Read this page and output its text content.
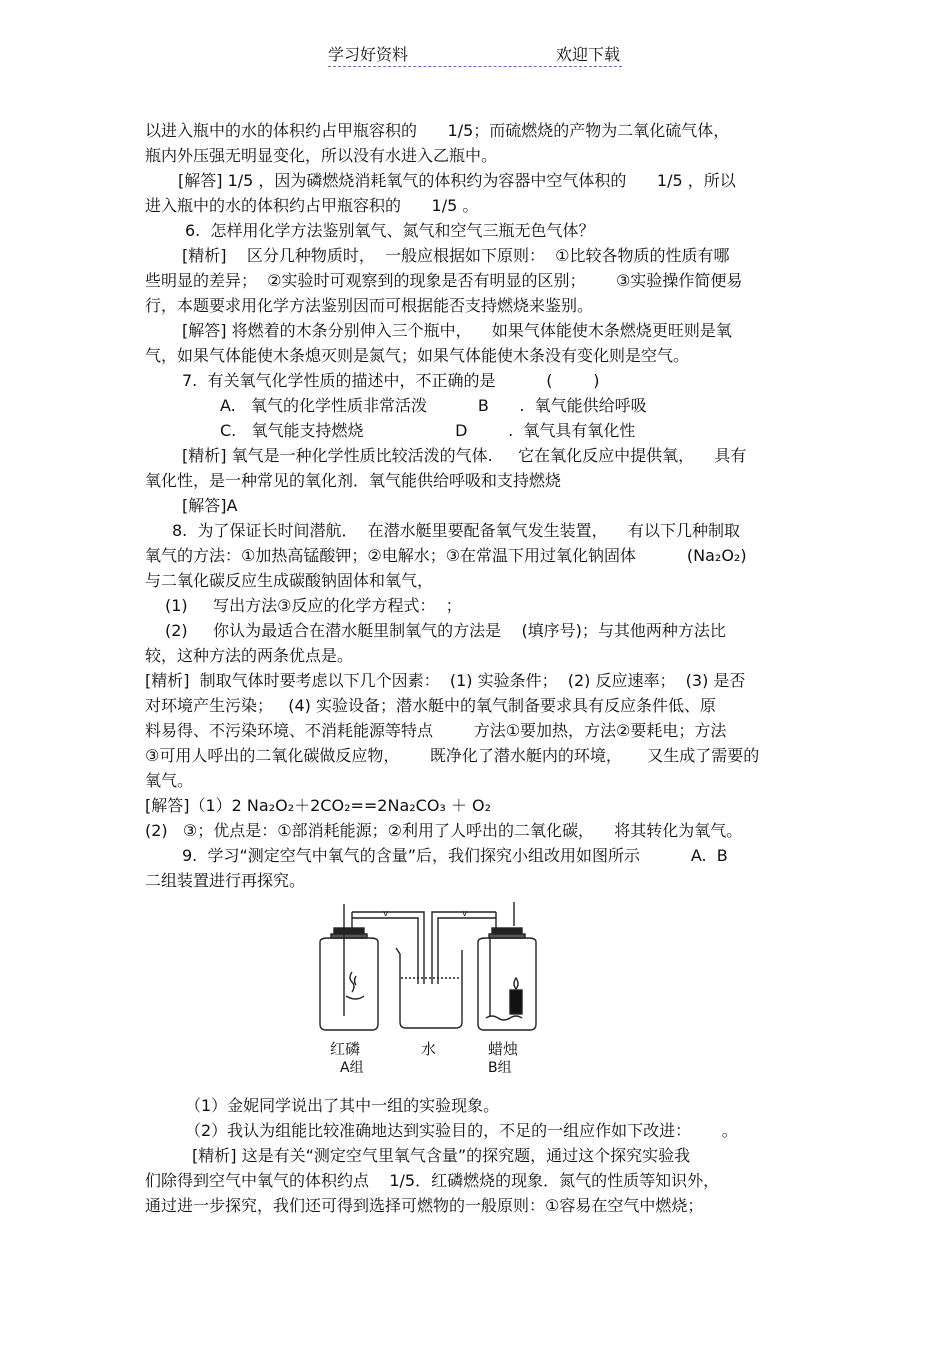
学习好资料	欢迎下载
以进入瓶中的水的体积约占甲瓶容积的      1/5；而硫燃烧的产物为二氧化硫气体，
瓶内外压强无明显变化，所以没有水进入乙瓶中。
[解答] 1/5 ，因为磷燃烧消耗氧气的体积约为容器中空气体积的      1/5 ，所以
进入瓶中的水的体积约占甲瓶容积的      1/5 。
6.  怎样用化学方法鉴别氧气、氮气和空气三瓶无色气体？
[精析]    区分几种物质时，  一般应根据如下原则：  ①比较各物质的性质有哪
些明显的差异；  ②实验时可观察到的现象是否有明显的区别；      ③实验操作简便易
行，本题要求用化学方法鉴别因而可根据能否支持燃烧来鉴别。
[解答] 将燃着的木条分别伸入三个瓶中，    如果气体能使木条燃烧更旺则是氧
气，如果气体能使木条熄灭则是氮气；如果气体能使木条没有变化则是空气。
7.  有关氧气化学性质的描述中，不正确的是          (        )
A.   氧气的化学性质非常活泼          B      .  氧气能供给呼吸
C.   氧气能支持燃烧                  D        .  氧气具有氧化性
[精析] 氧气是一种化学性质比较活泼的气体.     它在氧化反应中提供氧，    具有
氧化性，是一种常见的氧化剂．氧气能供给呼吸和支持燃烧
[解答]A
8.  为了保证长时间潜航．  在潜水艇里要配备氧气发生装置，    有以下几种制取
氧气的方法：①加热高锰酸钾；②电解水；③在常温下用过氧化钠固体          (Na₂O₂)
与二氧化碳反应生成碳酸钠固体和氧气，
(1)     写出方法③反应的化学方程式：  ；
(2)     你认为最适合在潜水艇里制氧气的方法是    (填序号)；与其他两种方法比
较，这种方法的两条优点是。
[精析]  制取气体时要考虑以下几个因素：  (1) 实验条件；  (2) 反应速率；  (3) 是否
对环境产生污染；   (4) 实验设备；潜水艇中的氧气制备要求具有反应条件低、原
料易得、不污染环境、不消耗能源等特点        方法①要加热，方法②要耗电；方法
③可用人呼出的二氧化碳做反应物，      既净化了潜水艇内的环境，     又生成了需要的
氧气。
[解答]（1）2 Na₂O₂＋2CO₂==2Na₂CO₃ ＋ O₂
(2)   ③；优点是：①部消耗能源；②利用了人呼出的二氧化碳，    将其转化为氧气。
9.  学习“测定空气中氧气的含量”后，我们探究小组改用如图所示          A.  B
二组装置进行再探究。
（1）金妮同学说出了其中一组的实验现象。
（2）我认为组能比较准确地达到实验目的，不足的一组应作如下改进：      。
[精析] 这是有关“测定空气里氧气含量”的探究题，通过这个探究实验我
们除得到空气中氧气的体积约点    1/5．红磷燃烧的现象．氮气的性质等知识外，
通过进一步探究，我们还可得到选择可燃物的一般原则：①容易在空气中燃烧；
v	v
红磷	水	蜡烛
A组	B组
